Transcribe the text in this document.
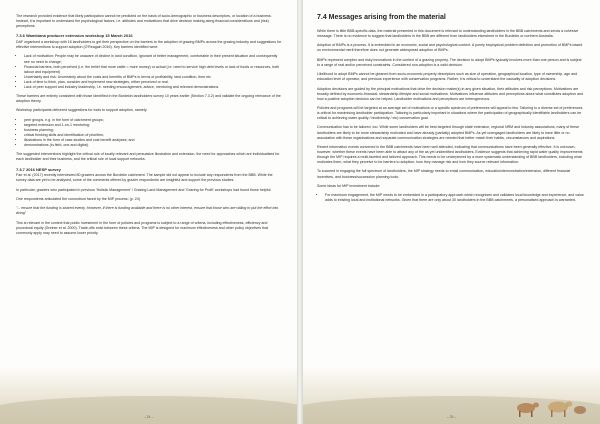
The research provided evidence that likely participation cannot be predicted on the basis of socio-demographic or business descriptors, or location of a business. Instead, it is important to understand the psychological factors, i.e. attitudes and motivations that drive decision making along financial considerations and (risk) perceptions.

7.3.6 Wambiana producer extension workshop 15 March 2016

DAF organised a workshop with 16 landholders to get their perspective on the barriers to the adoption of grazing BMPs across the grazing industry and suggestions for effective interventions to support adoption (O'Reagain 2016). Key barriers identified were:

• Lack of motivation: People may be unaware of decline in land condition, ignorant of better management, comfortable in their present situation and consequently see no need to change;
• Financial barriers, both perceived (i.e. the belief that more cattle = more money) or actual (i.e. need to service high debt levels or lack of funds or resources, both labour and equipment)
• Uncertainty and risk: Uncertainty about the costs and benefits of BMPs in terms of profitability, land condition, time etc
• Lack of time to think, plan, consider and implement new strategies, either perceived or real.
• Lack of peer support and industry leadership, i.e. needing encouragement, advice, mentoring and relevant demonstrations.

These barriers are entirely consistent with those identified in the Burdekin landholders survey 10 years earlier (Section 7.3.2) and validate the ongoing relevance of the adoption theory.

Workshop participants delivered suggestions for tools to support adoption, namely:

• peer groups, e.g. in the form of catchment groups;
• targeted extension and 1-on-1 mentoring;
• business planning;
• critical thinking skills and identification of priorities;
• illustrations in the form of case studies and cost benefit analyses; and
• demonstrations (in-field, one-and digital).

The suggested interventions highlight the critical role of locally relevant and persuasive illustration and extension, the need for approaches which are individualised for each landholder and their business, and the critical role of local support networks.

7.3.7 2016 NESP survey

Farr et al. (2017) recently interviewed 80 graziers across the Burdekin catchment. The sample did not appear to include any respondents from the BBB. While the survey data are yet to be analysed, some of the comments offered by grazier respondents are insightful and support the previous studies.

In particular, graziers who participated in previous 'Holistic Management' / Grazing Land Management and 'Grazing for Profit' workshops had found those helpful.

One respondents articulated the conundrum faced by the MIP process: (p. 24)

"... ensure that the funding is shared evenly. However, if there is funding available and there is no other interest, ensure that those who are willing to put the effort into doing"

This is relevant in the context that public investment in the form of policies and programs is subject to a range of criteria, including effectiveness, efficiency and procedural equity (Greiner et al. 2000). Trade-offs exist between these criteria. The MIP is designed for maximum effectiveness and other policy objectives that commonly apply may need to assume lower priority.

– 24 –
7.4 Messages arising from the material

While there is little BBB-specific data, the material presented in this document is relevant to understanding landholders in the BBB catchments and sends a cohesive message. There is no evidence to suggest that landholders in the BBB are different from landholders elsewhere in the Burdekin or northern Australia.

Adoption of BMPs is a process. It is embedded in an economic, social and psychological context. A purely biophysical problem definition and promotion of BMPs based on environmental merit therefore does not generate widespread adoption of BMPs.

BMPs represent complex and risky innovations in the context of a grazing property. The decision to adopt BMPs typically involves more than one person and is subject to a range of real and/or perceived constraints. Considered non-adoption is a valid decision.

Likelihood to adopt BMPs cannot be gleaned from socio-economic property descriptors such as size of operation, geographical location, type of ownership, age and education level of operator, and previous experience with conservation programs. Rather, it is critical to understand the causality of adoption decisions.

Adoption decisions are guided by the principal motivations that drive the decision maker(s) in any given situation, their attitudes and risk perceptions. Motivations are broadly defined by economic-financial, stewardship-lifestyle and social motivations. Motivations influence attitudes and perceptions about what constitutes adoption and how a positive adoption decision can be helped. Landholder motivations and perceptions are heterogeneous.

Policies and programs will be targeted at an average set of motivations or a specific spectrum of preferences will appeal to few. Tailoring to a diverse set of preferences is critical for maximising landholder participation. Tailoring is particularly important in situations where the participation of geographically identifiable landholders can be critical to achieving water quality / biodiversity / etc) conservation goal.

Communication has to be tailored, too. While some landholders will be best targeted through state extension, regional NRM and industry associations, many of these landholders are likely to be more stewardship motivated and have already (partially) adopted BMPs. As yet unengaged landholders are likely to have little or no association with these organisations and separate communication strategies are needed that better match their habits, circumstances and aspirations.

Recent information events convened in the BBB catchments have been well attended, indicating that communications have been generally effective. It is unknown, however, whether these events have been able to attract any of the as yet unidentified landholders. Evidence suggests that achieving rapid water quality improvements through the MIP requires a multi-faceted and tailored approach. This needs to be underpinned by a more systematic understanding of BBB landholders, including what motivates them, what they perceive to be barriers to adoption, how they manage risk and how they source relevant information.

To succeed in engaging the full spectrum of landholders, the MIP strategy needs to entail communication, education/demonstration/extension, different financial incentives, and business/succession planning tools.

Some ideas for MIP investment include:

• For maximum engagement, the MIP needs to be embedded in a participatory approach which recognises and validates local knowledge and experience, and value adds to existing local and institutional networks. Given that there are only about 30 landholders in the BBB catchments, a personalised approach is warranted.
– 25 –
